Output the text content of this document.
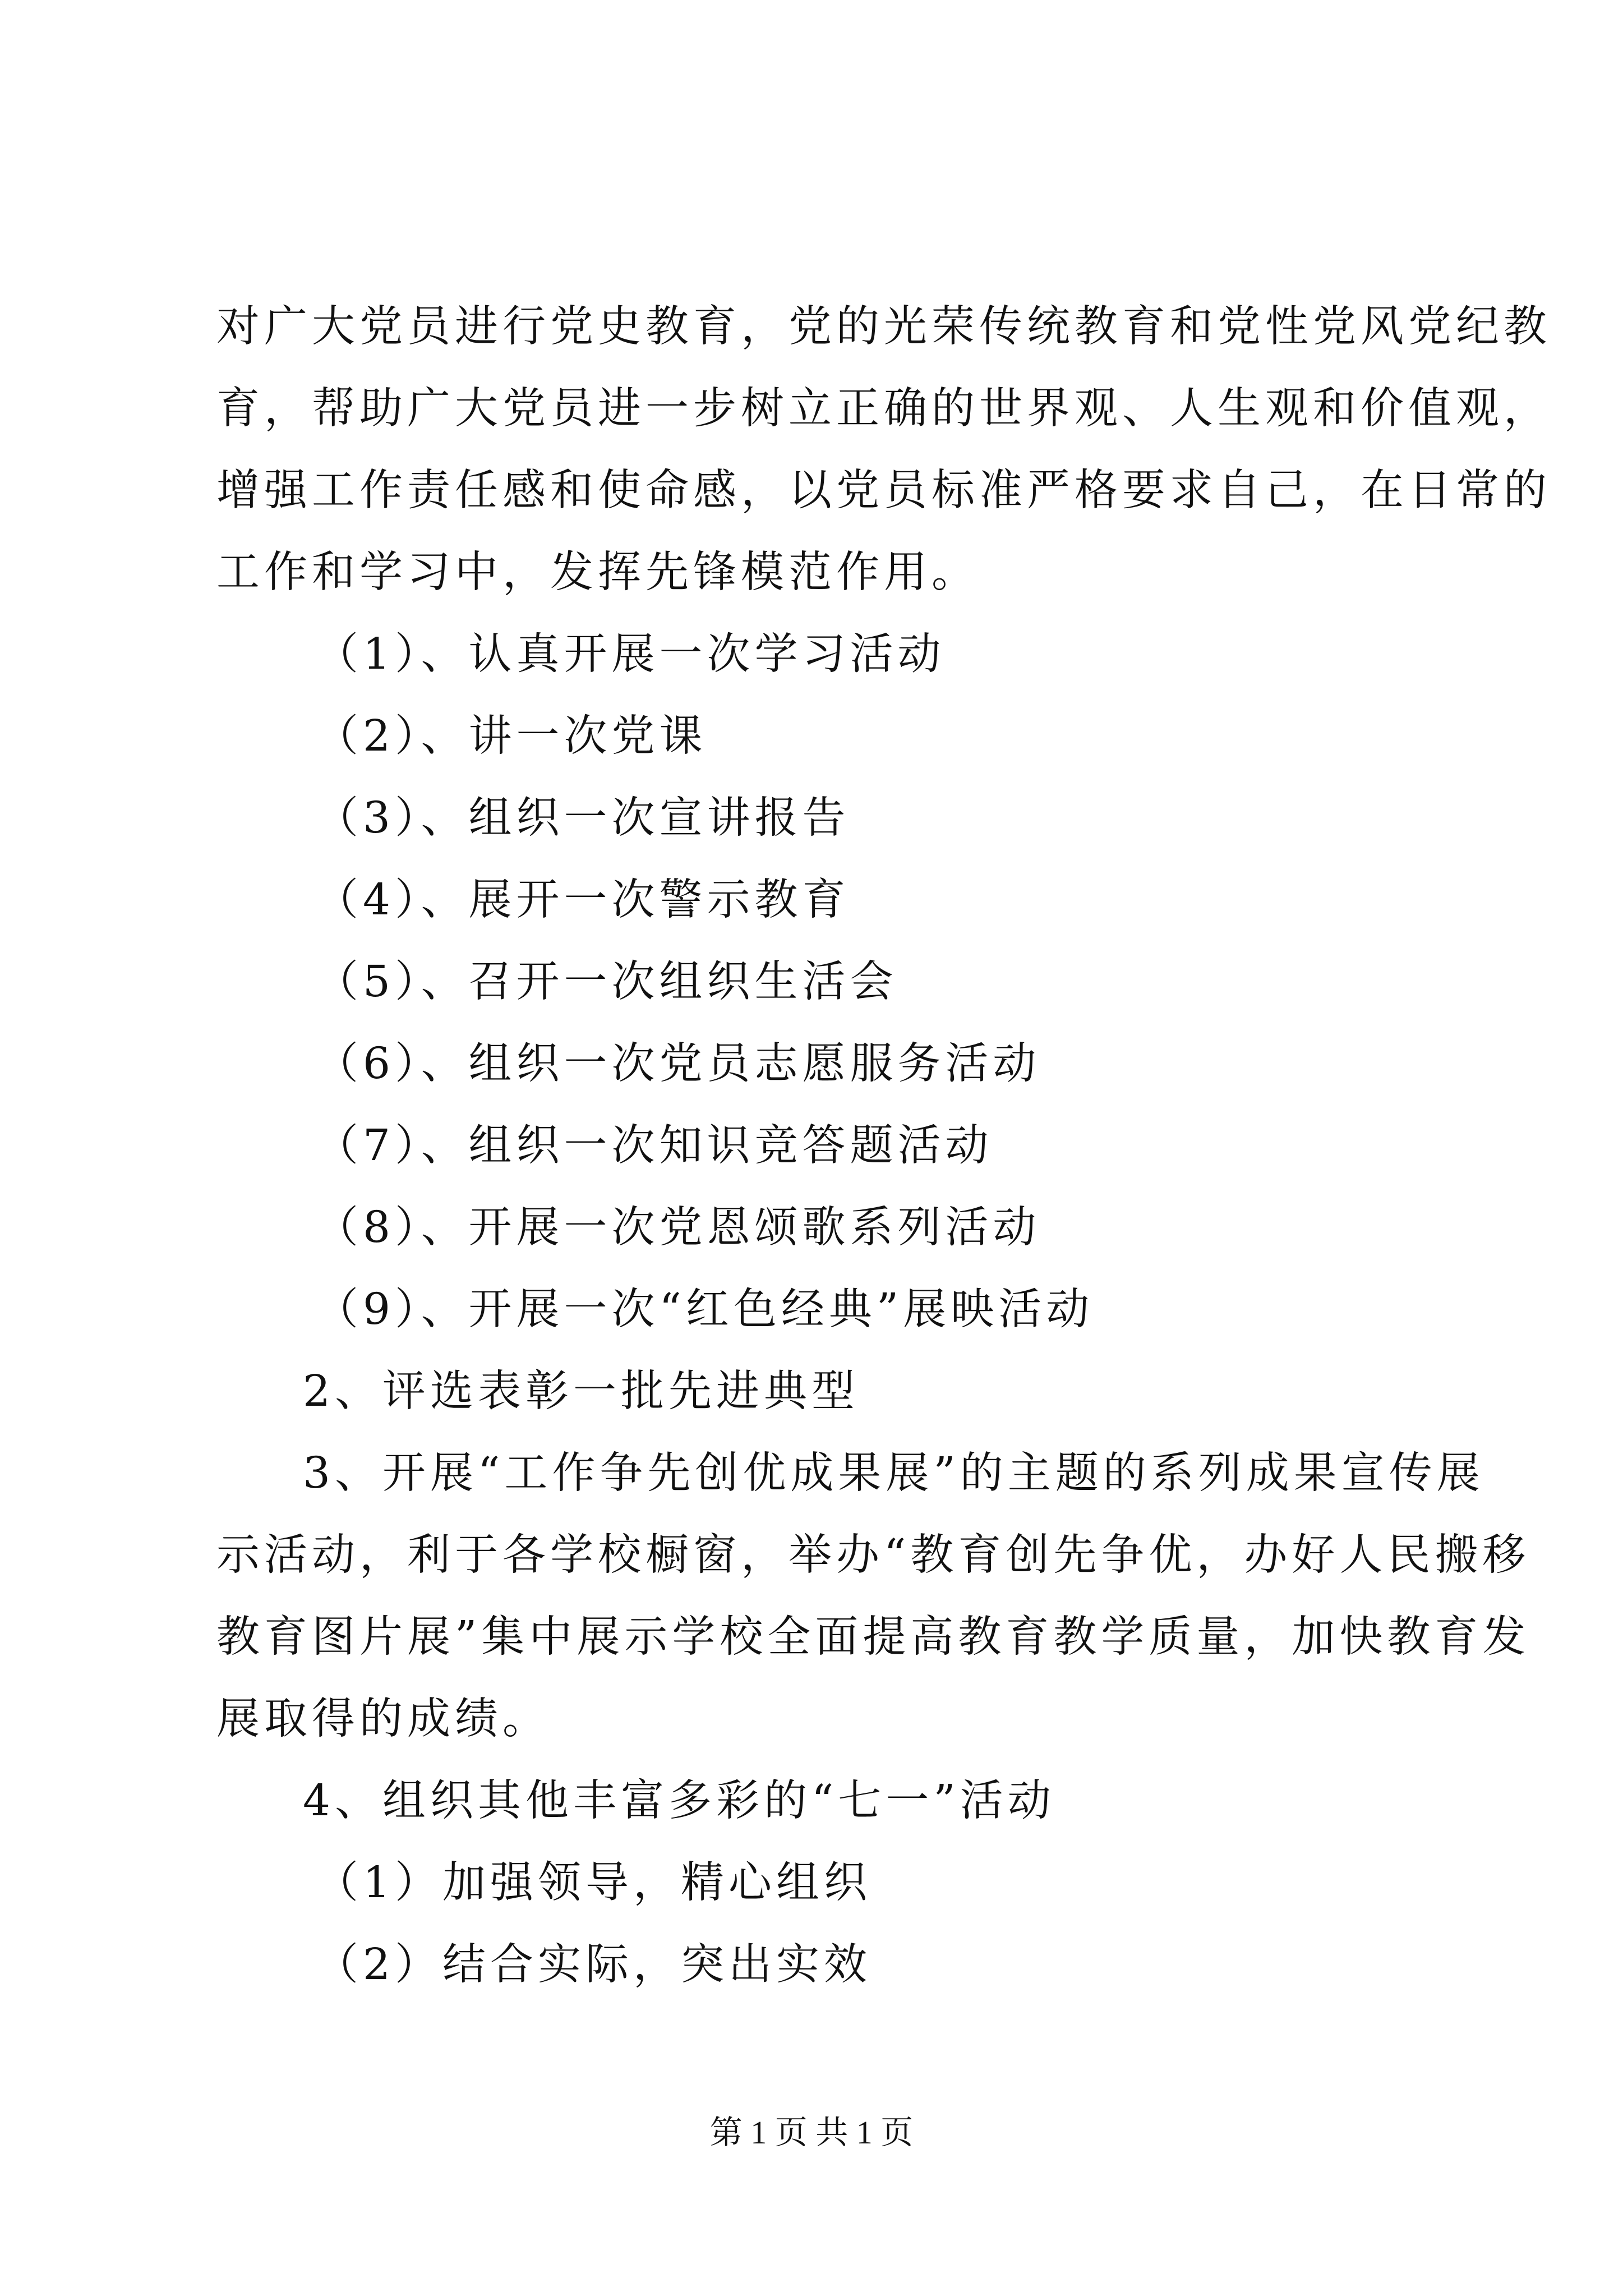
对广大党员进行党史教育，党的光荣传统教育和党性党风党纪教
育，帮助广大党员进一步树立正确的世界观、人生观和价值观，
增强工作责任感和使命感，以党员标准严格要求自己，在日常的
工作和学习中，发挥先锋模范作用。
（1）、认真开展一次学习活动
（2）、讲一次党课
（3）、组织一次宣讲报告
（4）、展开一次警示教育
（5）、召开一次组织生活会
（6）、组织一次党员志愿服务活动
（7）、组织一次知识竞答题活动
（8）、开展一次党恩颂歌系列活动
（9）、开展一次“红色经典”展映活动
2、评选表彰一批先进典型
3、开展“工作争先创优成果展”的主题的系列成果宣传展
示活动，利于各学校橱窗，举办“教育创先争优，办好人民搬移
教育图片展”集中展示学校全面提高教育教学质量，加快教育发
展取得的成绩。
4、组织其他丰富多彩的“七一”活动
（1）加强领导，精心组织
（2）结合实际，突出实效
第 1 页 共 1 页
